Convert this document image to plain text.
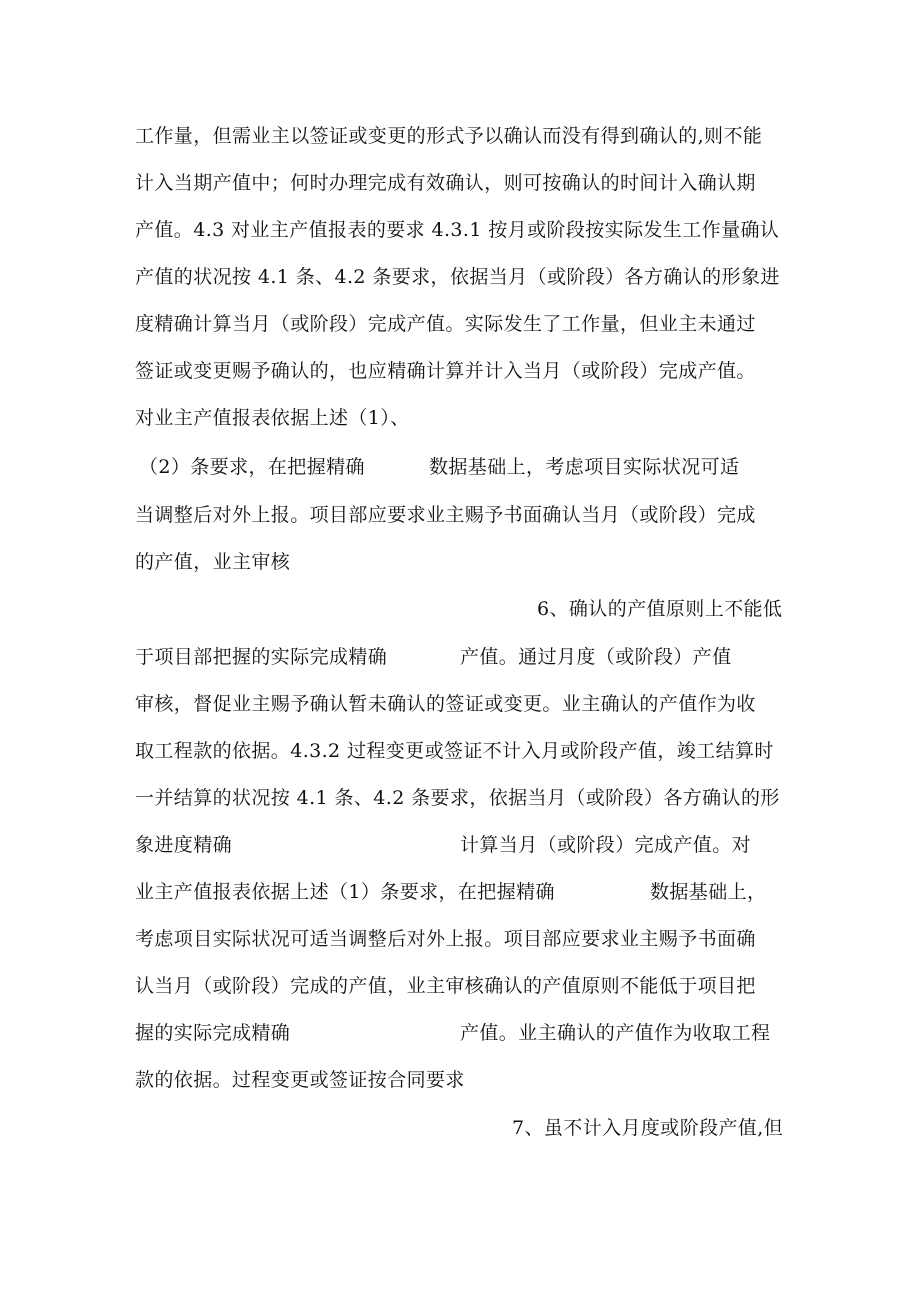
工作量，但需业主以签证或变更的形式予以确认而没有得到确认的,则不能
计入当期产值中；何时办理完成有效确认，则可按确认的时间计入确认期
产值。4.3 对业主产值报表的要求 4.3.1 按月或阶段按实际发生工作量确认
产值的状况按 4.1 条、4.2 条要求，依据当月（或阶段）各方确认的形象进
度精确计算当月（或阶段）完成产值。实际发生了工作量，但业主未通过
签证或变更赐予确认的，也应精确计算并计入当月（或阶段）完成产值。
对业主产值报表依据上述（1）、
（2）条要求，在把握精确	数据基础上，考虑项目实际状况可适
当调整后对外上报。项目部应要求业主赐予书面确认当月（或阶段）完成
的产值，业主审核
6、确认的产值原则上不能低
于项目部把握的实际完成精确	产值。通过月度（或阶段）产值
审核，督促业主赐予确认暂未确认的签证或变更。业主确认的产值作为收
取工程款的依据。4.3.2 过程变更或签证不计入月或阶段产值，竣工结算时
一并结算的状况按 4.1 条、4.2 条要求，依据当月（或阶段）各方确认的形
象进度精确	计算当月（或阶段）完成产值。对
业主产值报表依据上述（1）条要求，在把握精确	数据基础上，
考虑项目实际状况可适当调整后对外上报。项目部应要求业主赐予书面确
认当月（或阶段）完成的产值，业主审核确认的产值原则不能低于项目把
握的实际完成精确	产值。业主确认的产值作为收取工程
款的依据。过程变更或签证按合同要求
7、虽不计入月度或阶段产值,但
